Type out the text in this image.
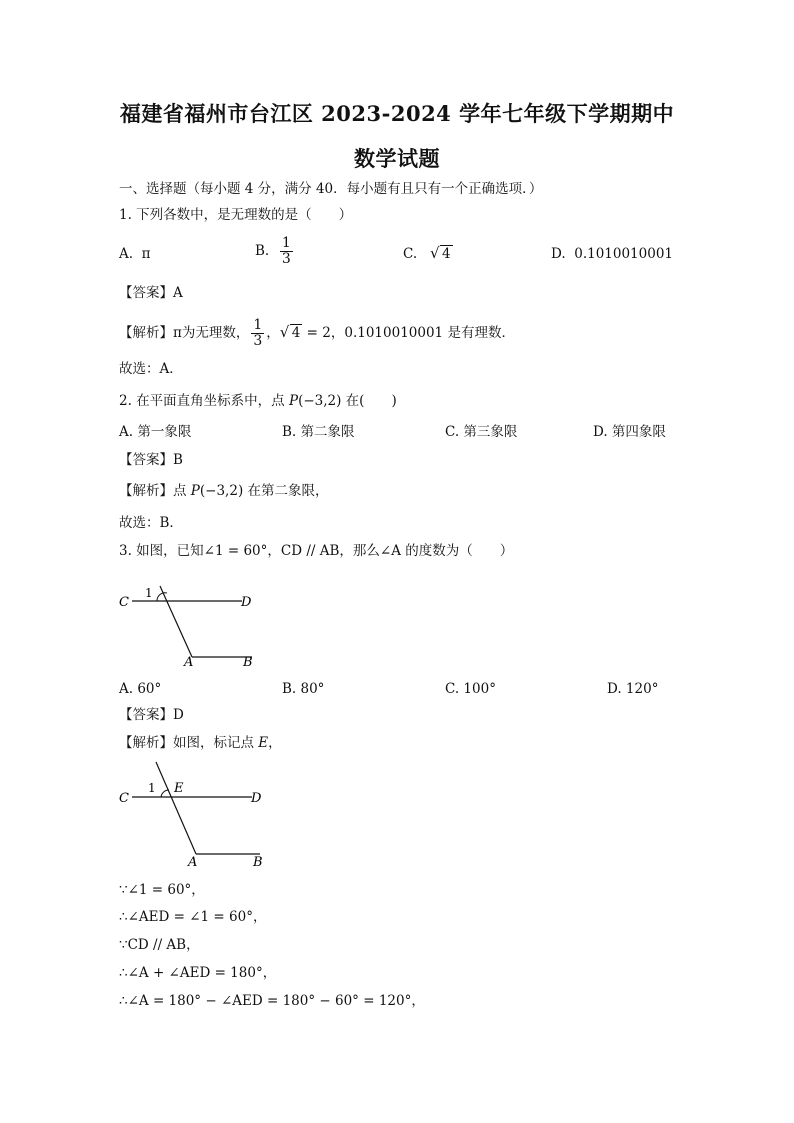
福建省福州市台江区 2023-2024 学年七年级下学期期中
数学试题
一、选择题（每小题 4 分，满分 40．每小题有且只有一个正确选项．）
1. 下列各数中，是无理数的是（　　）
A. π	B. $\frac{1}{3}$	C. √ 4	D. 0.1010010001
【答案】A
【解析】π为无理数， $\frac{1}{3}$ ， √ 4 = 2，0.1010010001 是有理数．
故选：A．
2. 在平面直角坐标系中，点 P(−3,2) 在(　　)
A. 第一象限	B. 第二象限	C. 第三象限	D. 第四象限
【答案】B
【解析】点 P(−3,2) 在第二象限，
故选：B．
3. 如图，已知∠1 = 60°，CD // AB，那么∠A 的度数为（　　）
C	D
A	B
1
A. 60°	B. 80°	C. 100°	D. 120°
【答案】D
【解析】如图，标记点 E，
C	D
A	B
1 E
∵∠1 = 60°，
∴∠AED = ∠1 = 60°，
∵CD // AB，
∴∠A + ∠AED = 180°，
∴∠A = 180° − ∠AED = 180° − 60° = 120°，
